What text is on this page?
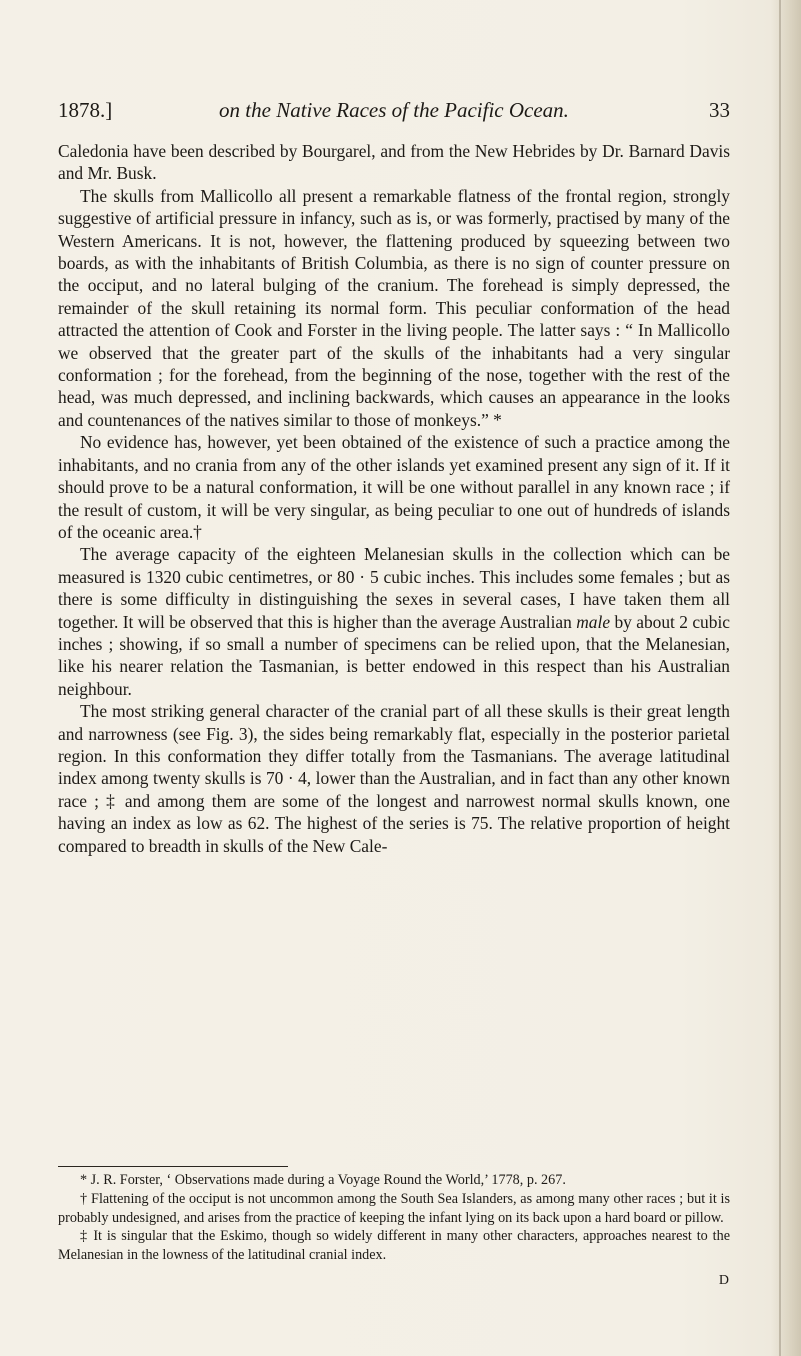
1878.]	on the Native Races of the Pacific Ocean.	33

Caledonia have been described by Bourgarel, and from the New Hebrides by Dr. Barnard Davis and Mr. Busk.

The skulls from Mallicollo all present a remarkable flatness of the frontal region, strongly suggestive of artificial pressure in infancy, such as is, or was formerly, practised by many of the Western Americans. It is not, however, the flattening produced by squeezing between two boards, as with the inhabitants of British Columbia, as there is no sign of counter pressure on the occiput, and no lateral bulging of the cranium. The forehead is simply depressed, the remainder of the skull retaining its normal form. This peculiar conformation of the head attracted the attention of Cook and Forster in the living people. The latter says : “ In Mallicollo we observed that the greater part of the skulls of the inhabitants had a very singular conformation ; for the forehead, from the beginning of the nose, together with the rest of the head, was much depressed, and inclining backwards, which causes an appearance in the looks and countenances of the natives similar to those of monkeys.” *

No evidence has, however, yet been obtained of the existence of such a practice among the inhabitants, and no crania from any of the other islands yet examined present any sign of it. If it should prove to be a natural conformation, it will be one without parallel in any known race ; if the result of custom, it will be very singular, as being peculiar to one out of hundreds of islands of the oceanic area.†

The average capacity of the eighteen Melanesian skulls in the collection which can be measured is 1320 cubic centimetres, or 80 · 5 cubic inches. This includes some females ; but as there is some difficulty in distinguishing the sexes in several cases, I have taken them all together. It will be observed that this is higher than the average Australian male by about 2 cubic inches ; showing, if so small a number of specimens can be relied upon, that the Melanesian, like his nearer relation the Tasmanian, is better endowed in this respect than his Australian neighbour.

The most striking general character of the cranial part of all these skulls is their great length and narrowness (see Fig. 3), the sides being remarkably flat, especially in the posterior parietal region. In this conformation they differ totally from the Tasmanians. The average latitudinal index among twenty skulls is 70 · 4, lower than the Australian, and in fact than any other known race ; ‡ and among them are some of the longest and narrowest normal skulls known, one having an index as low as 62. The highest of the series is 75. The relative proportion of height compared to breadth in skulls of the New Cale-

* J. R. Forster, ‘ Observations made during a Voyage Round the World,’ 1778, p. 267.

† Flattening of the occiput is not uncommon among the South Sea Islanders, as among many other races ; but it is probably undesigned, and arises from the practice of keeping the infant lying on its back upon a hard board or pillow.

‡ It is singular that the Eskimo, though so widely different in many other characters, approaches nearest to the Melanesian in the lowness of the latitudinal cranial index.

D
